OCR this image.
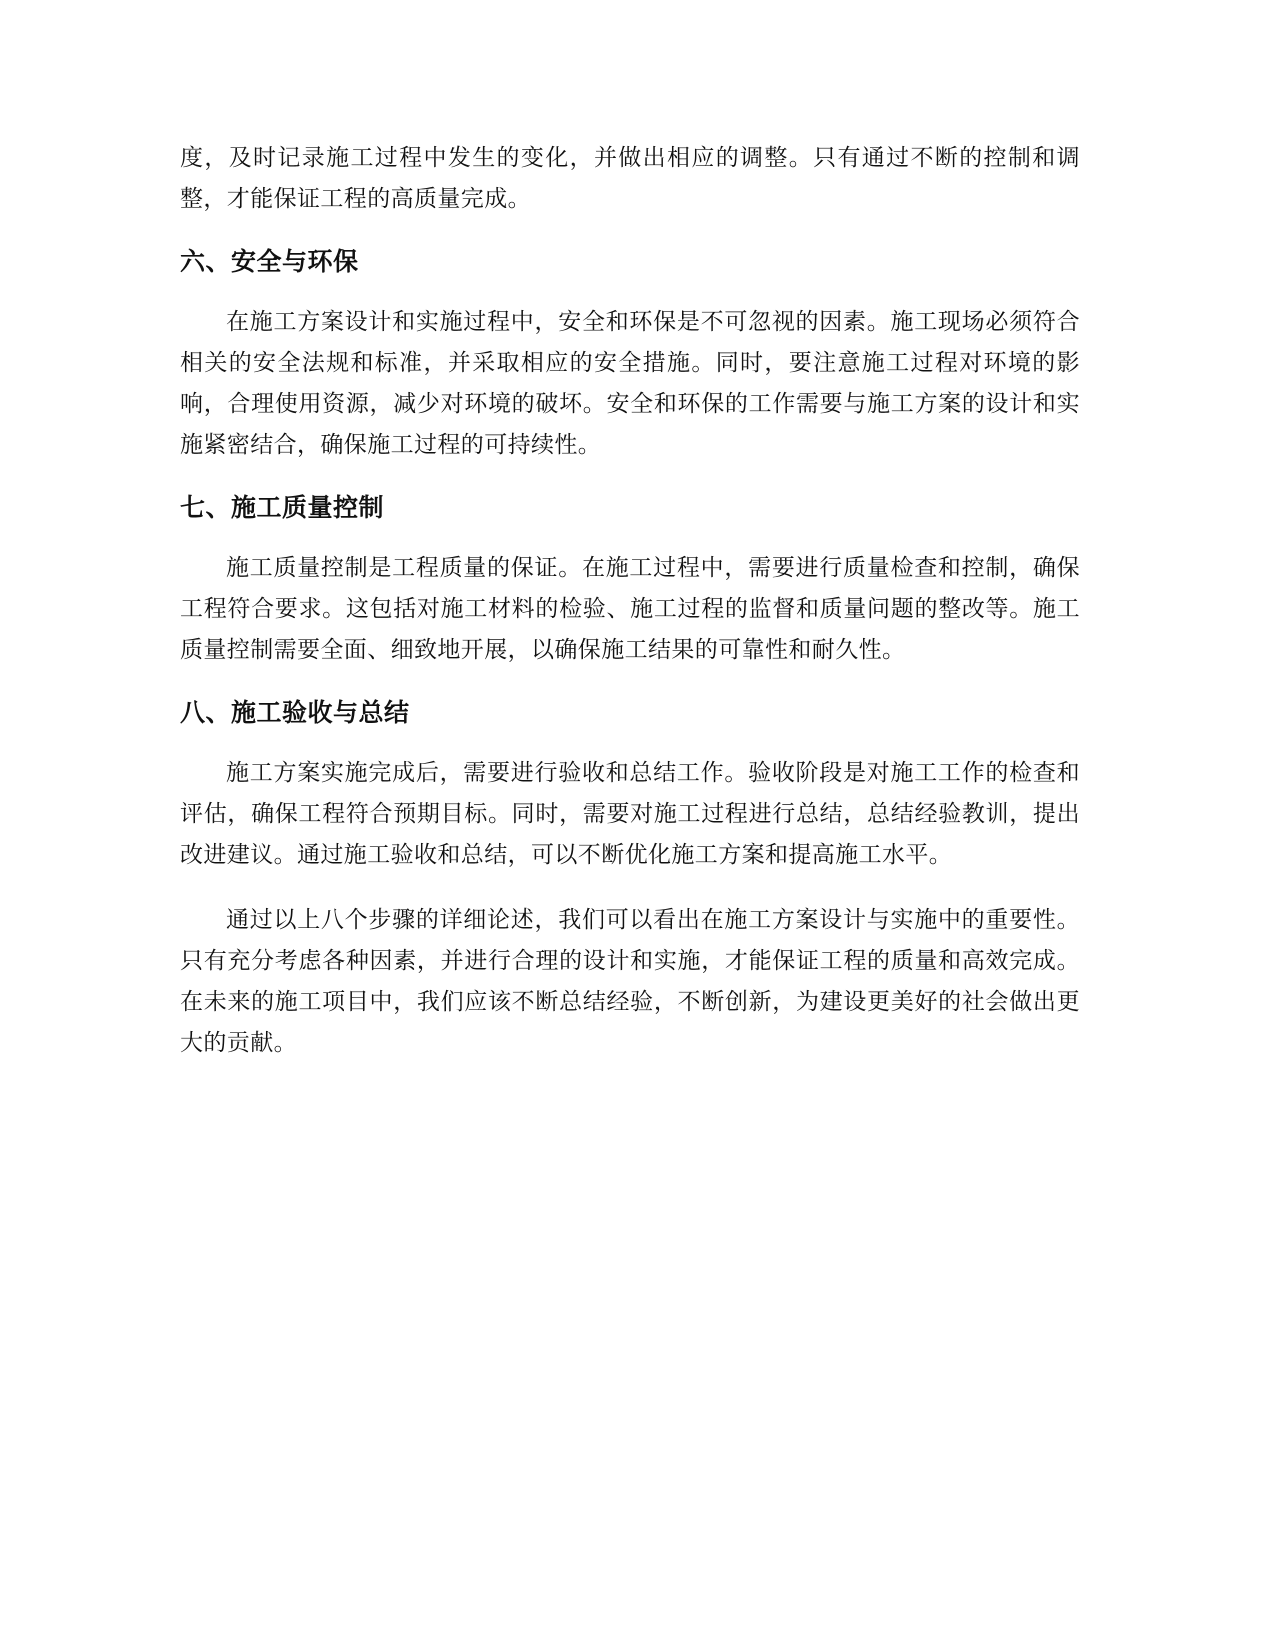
度，及时记录施工过程中发生的变化，并做出相应的调整。只有通过不断的控制和调整，才能保证工程的高质量完成。

六、安全与环保

在施工方案设计和实施过程中，安全和环保是不可忽视的因素。施工现场必须符合相关的安全法规和标准，并采取相应的安全措施。同时，要注意施工过程对环境的影响，合理使用资源，减少对环境的破坏。安全和环保的工作需要与施工方案的设计和实施紧密结合，确保施工过程的可持续性。

七、施工质量控制

施工质量控制是工程质量的保证。在施工过程中，需要进行质量检查和控制，确保工程符合要求。这包括对施工材料的检验、施工过程的监督和质量问题的整改等。施工质量控制需要全面、细致地开展，以确保施工结果的可靠性和耐久性。

八、施工验收与总结

施工方案实施完成后，需要进行验收和总结工作。验收阶段是对施工工作的检查和评估，确保工程符合预期目标。同时，需要对施工过程进行总结，总结经验教训，提出改进建议。通过施工验收和总结，可以不断优化施工方案和提高施工水平。

通过以上八个步骤的详细论述，我们可以看出在施工方案设计与实施中的重要性。只有充分考虑各种因素，并进行合理的设计和实施，才能保证工程的质量和高效完成。在未来的施工项目中，我们应该不断总结经验，不断创新，为建设更美好的社会做出更大的贡献。
